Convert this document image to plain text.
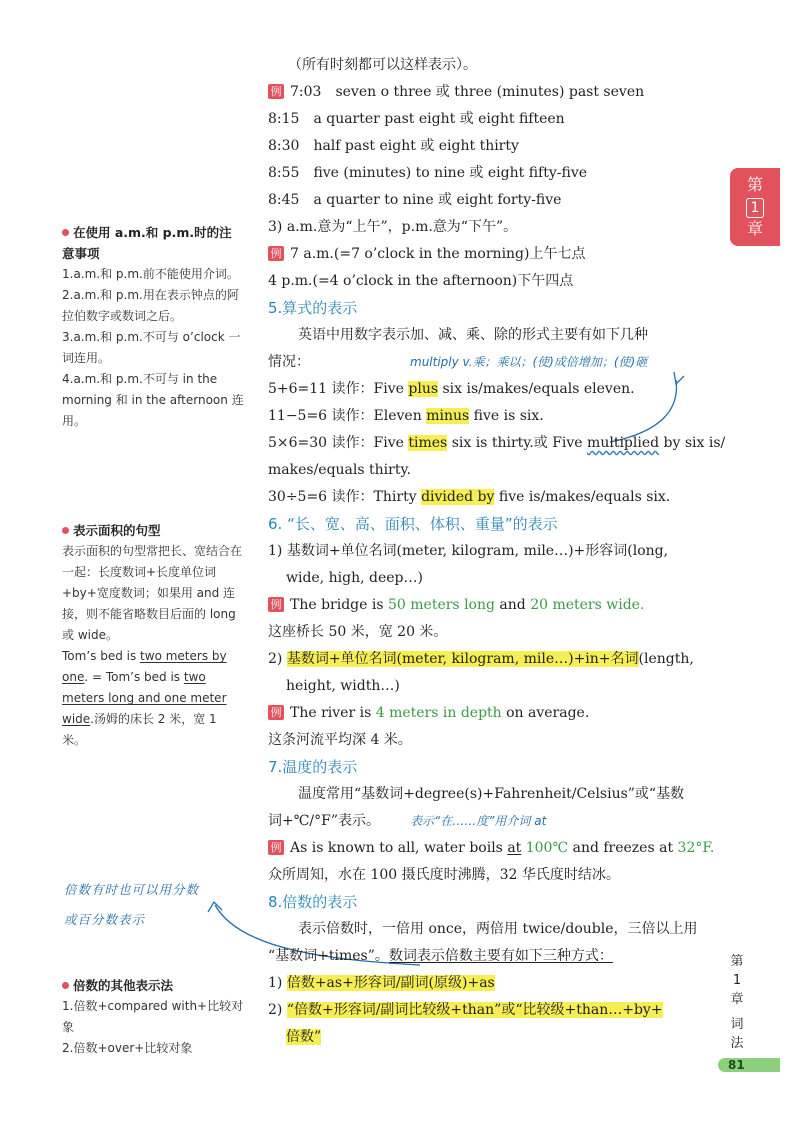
第
1
章

在使用 a.m.和 p.m.时的注意事项

1.a.m.和 p.m.前不能使用介词。

2.a.m.和 p.m.用在表示钟点的阿拉伯数字或数词之后。

3.a.m.和 p.m.不可与 o’clock 一词连用。

4.a.m.和 p.m.不可与 in the morning 和 in the afternoon 连用。

表示面积的句型

表示面积的句型常把长、宽结合在一起：长度数词+长度单位词+by+宽度数词；如果用 and 连接，则不能省略数目后面的 long 或 wide。

Tom’s bed is two meters by one. = Tom’s bed is two meters long and one meter wide.汤姆的床长 2 米，宽 1 米。

倍数有时也可以用分数
或百分数表示

倍数的其他表示法

1.倍数+compared with+比较对象

2.倍数+over+比较对象

（所有时刻都可以这样表示）。
例 7:03　seven o three 或 three (minutes) past seven
8:15　a quarter past eight 或 eight fifteen
8:30　half past eight 或 eight thirty
8:55　five (minutes) to nine 或 eight fifty-five
8:45　a quarter to nine 或 eight forty-five
3) a.m.意为“上午”，p.m.意为“下午”。
例 7 a.m.(=7 o’clock in the morning)上午七点
4 p.m.(=4 o’clock in the afternoon)下午四点
5.算式的表示
英语中用数字表示加、减、乘、除的形式主要有如下几种
情况：	multiply v.乘；乘以；(使)成倍增加；(使)砸
5+6=11 读作：Five plus six is/makes/equals eleven.
11−5=6 读作：Eleven minus five is six.
5×6=30 读作：Five times six is thirty.或 Five multiplied by six is/
makes/equals thirty.
30÷5=6 读作：Thirty divided by five is/makes/equals six.
6. “长、宽、高、面积、体积、重量”的表示
1) 基数词+单位名词(meter, kilogram, mile…)+形容词(long,
wide, high, deep…)
例 The bridge is 50 meters long and 20 meters wide.
这座桥长 50 米，宽 20 米。
2) 基数词+单位名词(meter, kilogram, mile…)+in+名词(length,
height, width…)
例 The river is 4 meters in depth on average.
这条河流平均深 4 米。
7.温度的表示
温度常用“基数词+degree(s)+Fahrenheit/Celsius”或“基数
词+℃/°F”表示。	表示“在……度”用介词 at
例 As is known to all, water boils at 100℃ and freezes at 32°F.
众所周知，水在 100 摄氏度时沸腾，32 华氏度时结冰。
8.倍数的表示
表示倍数时，一倍用 once，两倍用 twice/double，三倍以上用
“基数词+times”。数词表示倍数主要有如下三种方式：
1) 倍数+as+形容词/副词(原级)+as
2) “倍数+形容词/副词比较级+than”或“比较级+than…+by+
倍数”
第
1
章
词
法
81
